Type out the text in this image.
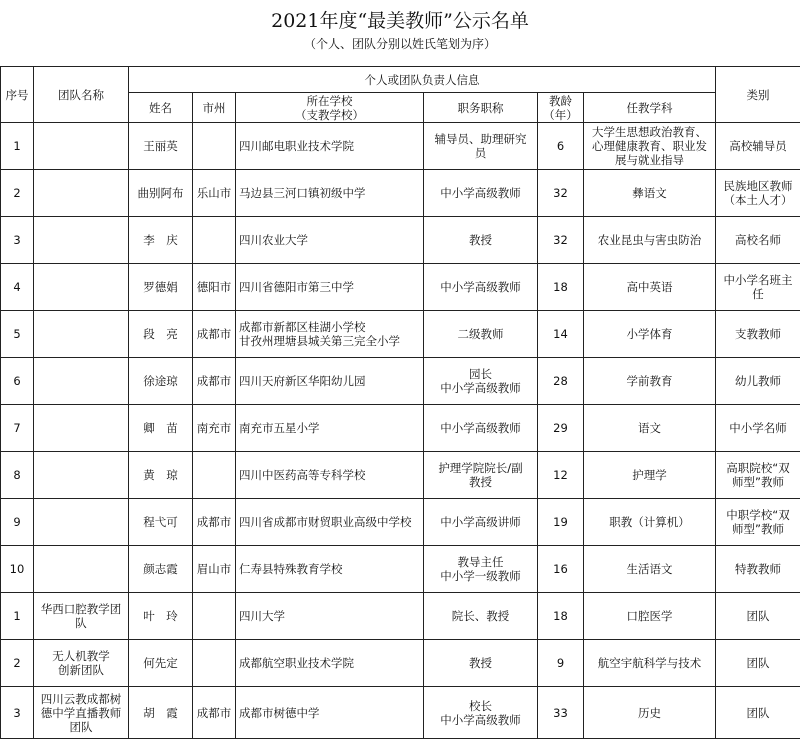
2021年度“最美教师”公示名单
（个人、团队分别以姓氏笔划为序）
序号	团队名称	个人或团队负责人信息						类别
		姓名	市州	所在学校
（支教学校）	职务职称	教龄
（年）	任教学科	
1		王丽英		四川邮电职业技术学院	辅导员、助理研究
员	6	大学生思想政治教育、
心理健康教育、职业发
展与就业指导	高校辅导员

2		曲别阿布	乐山市	马边县三河口镇初级中学	中小学高级教师	32	彝语文	民族地区教师
（本土人才）

3		李　庆		四川农业大学	教授	32	农业昆虫与害虫防治	高校名师

4		罗德娟	德阳市	四川省德阳市第三中学	中小学高级教师	18	高中英语	中小学名班主
任

5		段　亮	成都市	成都市新都区桂湖小学校
甘孜州理塘县城关第三完全小学	二级教师	14	小学体育	支教教师

6		徐途琼	成都市	四川天府新区华阳幼儿园	园长
中小学高级教师	28	学前教育	幼儿教师

7		卿　苗	南充市	南充市五星小学	中小学高级教师	29	语文	中小学名师

8		黄　琼		四川中医药高等专科学校	护理学院院长/副
教授	12	护理学	高职院校“双
师型”教师

9		程弋可	成都市	四川省成都市财贸职业高级中学校	中小学高级讲师	19	职教（计算机）	中职学校“双
师型”教师

10		颜志霞	眉山市	仁寿县特殊教育学校	教导主任
中小学一级教师	16	生活语文	特教教师

1	华西口腔教学团
队	叶　玲		四川大学	院长、教授	18	口腔医学	团队

2	无人机教学
创新团队	何先定		成都航空职业技术学院	教授	9	航空宇航科学与技术	团队

3	四川云教成都树
德中学直播教师
团队	胡　霞	成都市	成都市树德中学	校长
中小学高级教师	33	历史	团队
